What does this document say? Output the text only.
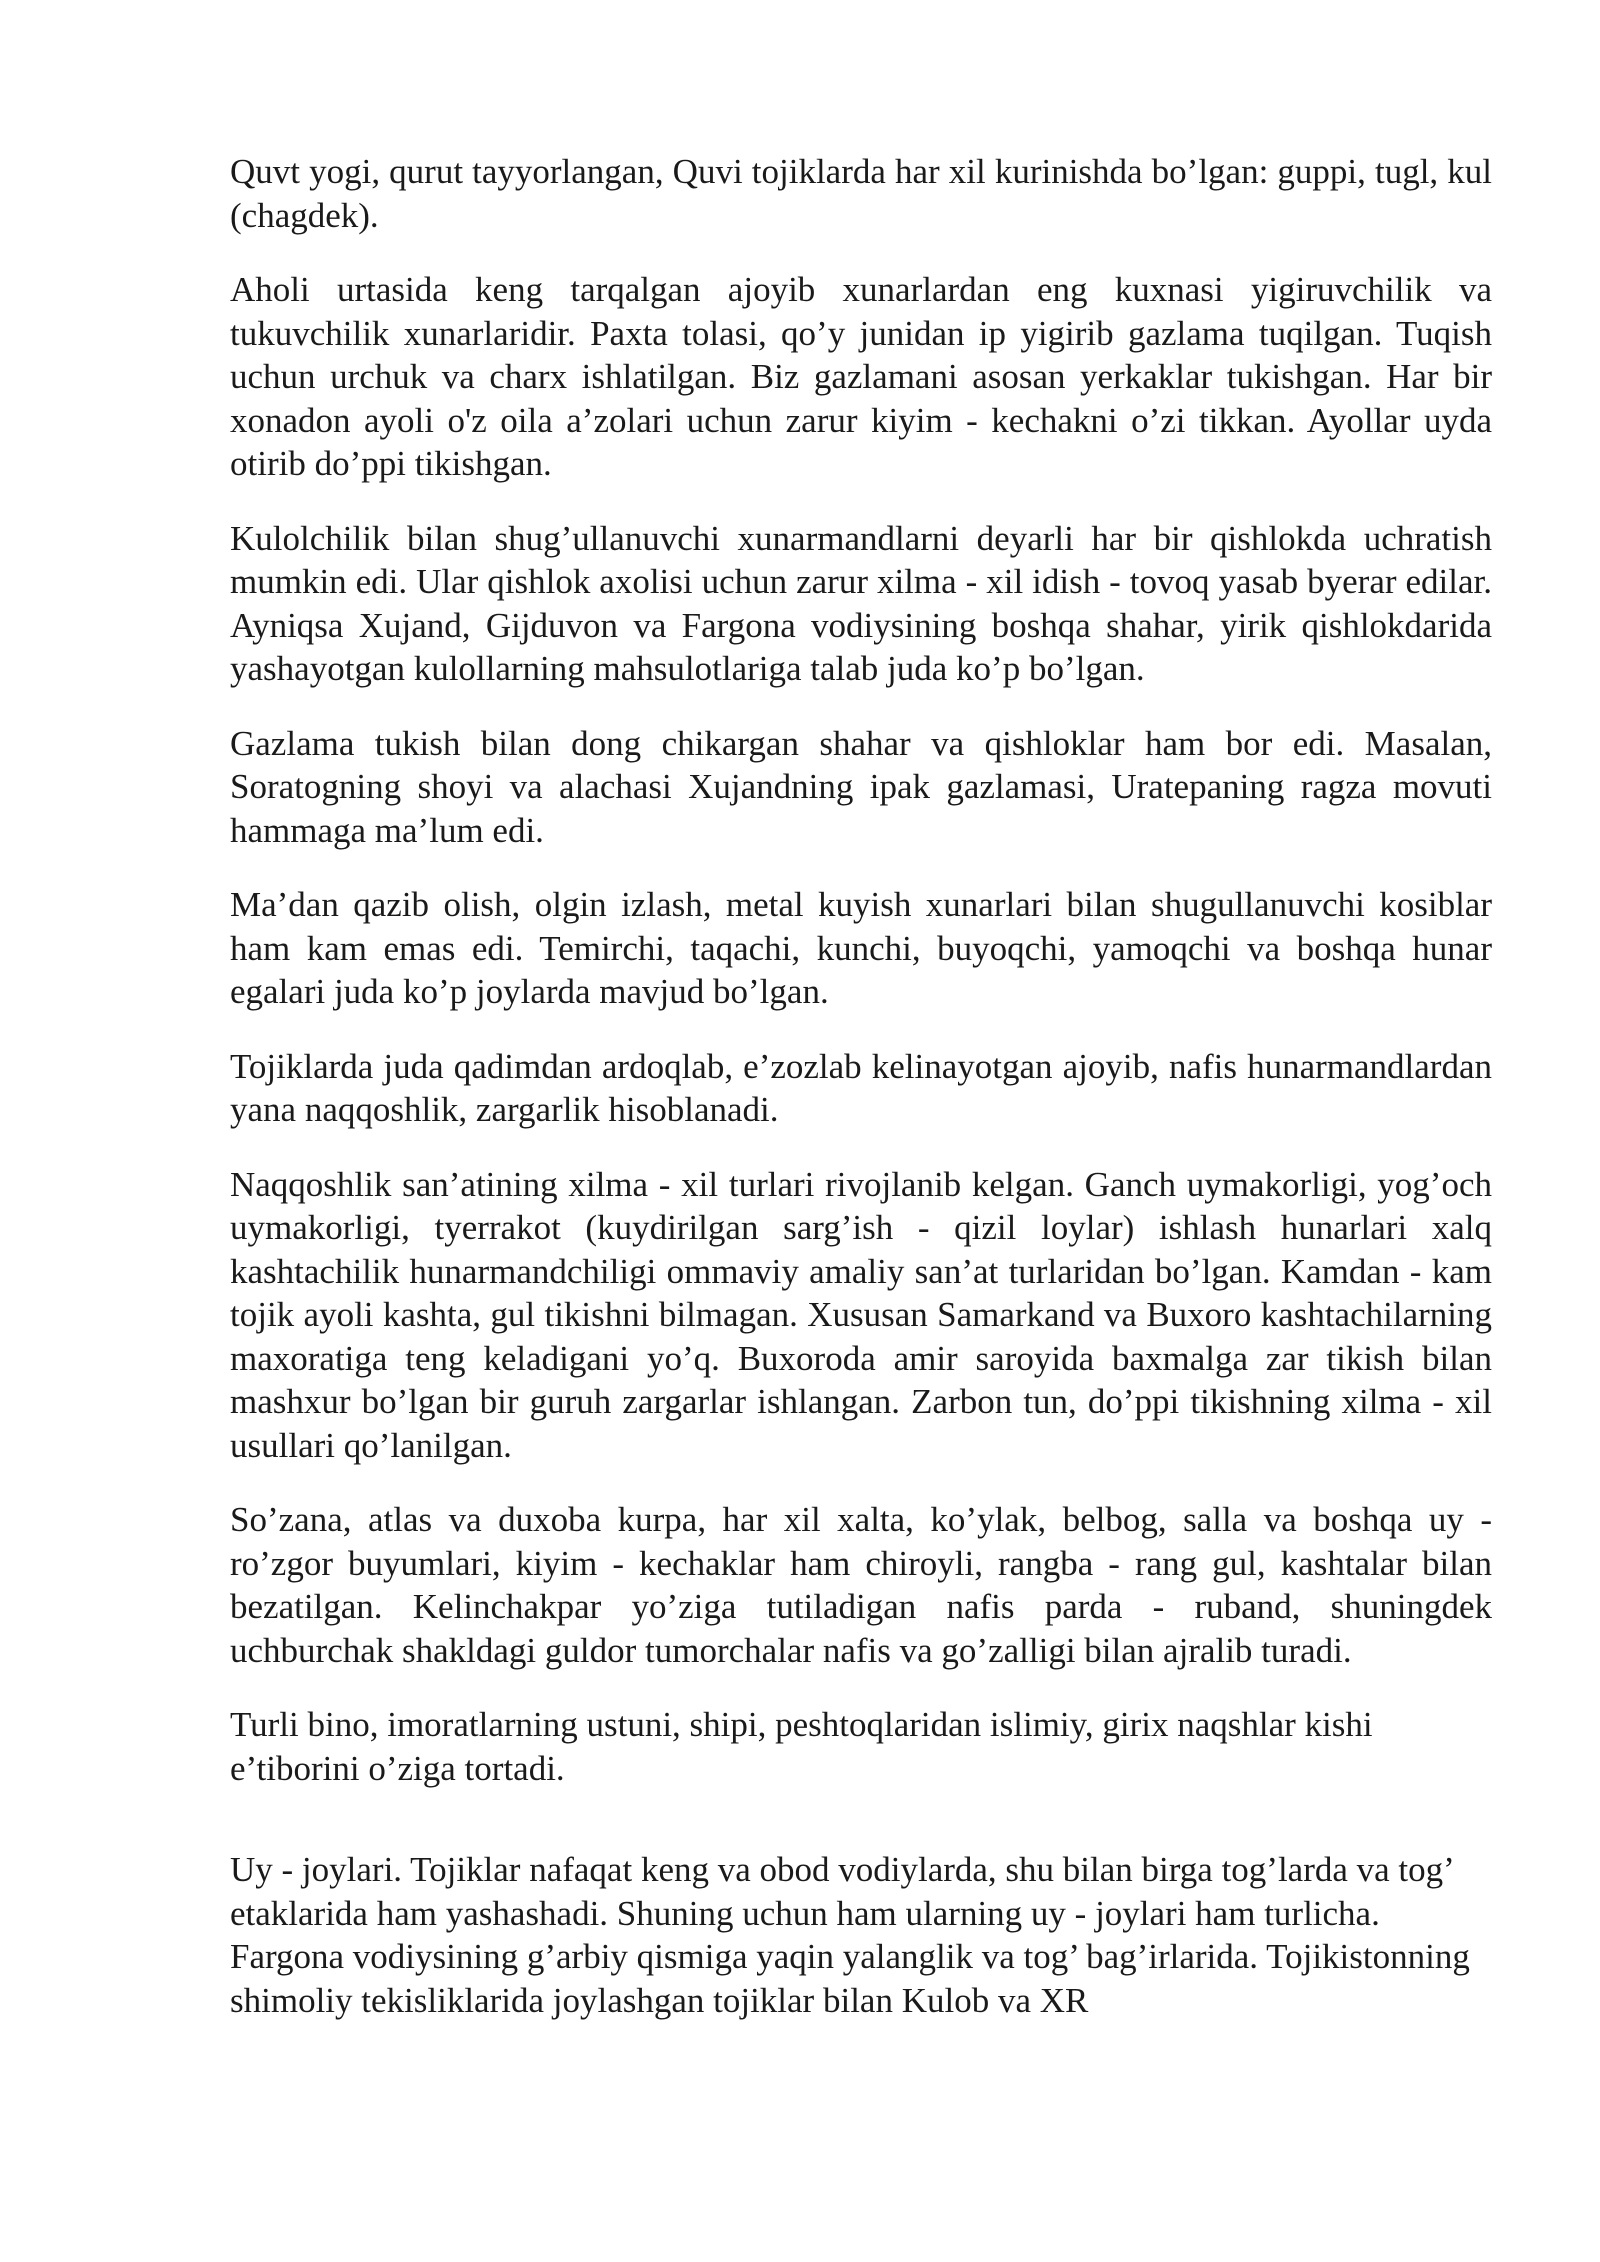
Quvt yogi, qurut tayyorlangan, Quvi tojiklarda har xil kurinishda bo’lgan: guppi, tugl, kul (chagdek).

Aholi urtasida keng tarqalgan ajoyib xunarlardan eng kuxnasi yigiruvchilik va tukuvchilik xunarlaridir. Paxta tolasi, qo’y junidan ip yigirib gazlama tuqilgan. Tuqish uchun urchuk va charx ishlatilgan. Biz gazlamani asosan yerkaklar tukishgan. Har bir xonadon ayoli o'z oila a’zolari uchun zarur kiyim - kechakni o’zi tikkan. Ayollar uyda otirib do’ppi tikishgan.

Kulolchilik bilan shug’ullanuvchi xunarmandlarni deyarli har bir qishlokda uchratish mumkin edi. Ular qishlok axolisi uchun zarur xilma - xil idish - tovoq yasab byerar edilar. Ayniqsa Xujand, Gijduvon va Fargona vodiysining boshqa shahar, yirik qishlokdarida yashayotgan kulollarning mahsulotlariga talab juda ko’p bo’lgan.

Gazlama tukish bilan dong chikargan shahar va qishloklar ham bor edi. Masalan, Soratogning shoyi va alachasi Xujandning ipak gazlamasi, Uratepaning ragza movuti hammaga ma’lum edi.

Ma’dan qazib olish, olgin izlash, metal kuyish xunarlari bilan shugullanuvchi kosiblar ham kam emas edi. Temirchi, taqachi, kunchi, buyoqchi, yamoqchi va boshqa hunar egalari juda ko’p joylarda mavjud bo’lgan.

Tojiklarda juda qadimdan ardoqlab, e’zozlab kelinayotgan ajoyib, nafis hunarmandlardan yana naqqoshlik, zargarlik hisoblanadi.

Naqqoshlik san’atining xilma - xil turlari rivojlanib kelgan. Ganch uymakorligi, yog’och uymakorligi, tyerrakot (kuydirilgan sarg’ish - qizil loylar) ishlash hunarlari xalq kashtachilik hunarmandchiligi ommaviy amaliy san’at turlaridan bo’lgan. Kamdan - kam tojik ayoli kashta, gul tikishni bilmagan. Xususan Samarkand va Buxoro kashtachilarning maxoratiga teng keladigani yo’q. Buxoroda amir saroyida baxmalga zar tikish bilan mashxur bo’lgan bir guruh zargarlar ishlangan. Zarbon tun, do’ppi tikishning xilma - xil usullari qo’lanilgan.

So’zana, atlas va duxoba kurpa, har xil xalta, ko’ylak, belbog, salla va boshqa uy - ro’zgor buyumlari, kiyim - kechaklar ham chiroyli, rangba - rang gul, kashtalar bilan bezatilgan. Kelinchakpar yo’ziga tutiladigan nafis parda - ruband, shuningdek uchburchak shakldagi guldor tumorchalar nafis va go’zalligi bilan ajralib turadi.

Turli bino, imoratlarning ustuni, shipi, peshtoqlaridan islimiy, girix naqshlar kishi e’tiborini o’ziga tortadi.

Uy - joylari. Tojiklar nafaqat keng va obod vodiylarda, shu bilan birga tog’larda va tog’ etaklarida ham yashashadi. Shuning uchun ham ularning uy - joylari ham turlicha. Fargona vodiysining g’arbiy qismiga yaqin yalanglik va tog’ bag’irlarida. Tojikistonning shimoliy tekisliklarida joylashgan tojiklar bilan Kulob va XR
